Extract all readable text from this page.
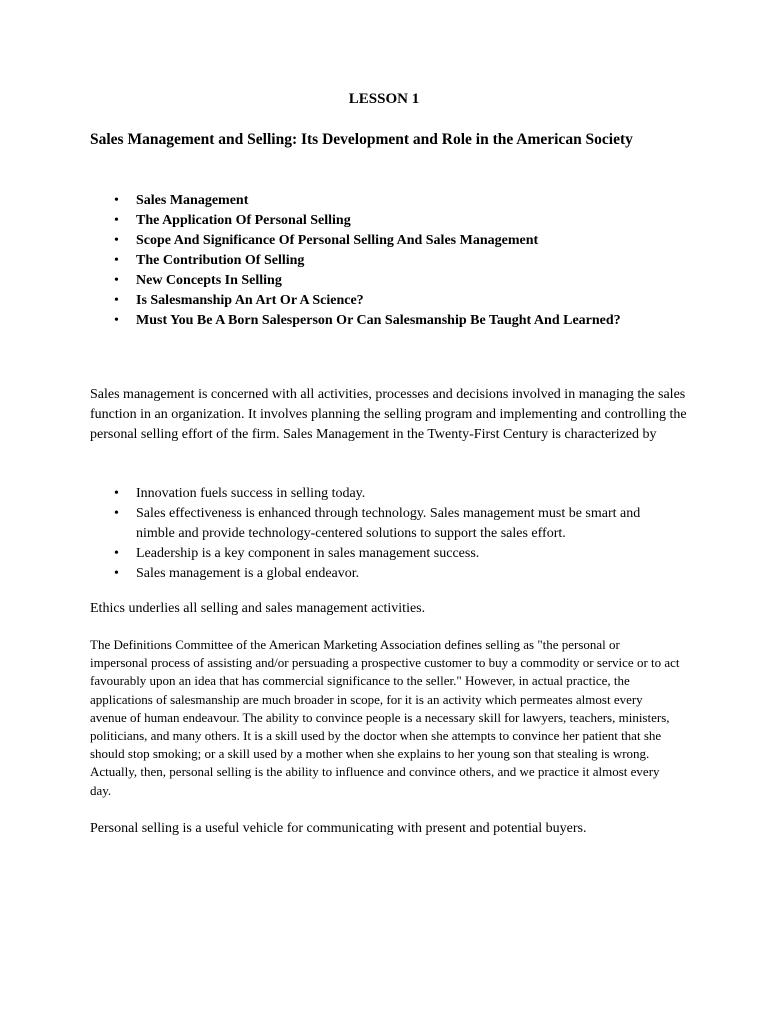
LESSON 1
Sales Management and Selling: Its Development and Role in the American Society
• Sales Management
• The Application Of Personal Selling
• Scope And Significance Of Personal Selling And Sales Management
• The Contribution Of Selling
• New Concepts In Selling
• Is Salesmanship An Art Or A Science?
• Must You Be A Born Salesperson Or Can Salesmanship Be Taught And Learned?

Sales management is concerned with all activities, processes and decisions involved in managing the sales function in an organization. It involves planning the selling program and implementing and controlling the personal selling effort of the firm. Sales Management in the Twenty-First Century is characterized by

• Innovation fuels success in selling today.
• Sales effectiveness is enhanced through technology. Sales management must be smart and nimble and provide technology-centered solutions to support the sales effort.
• Leadership is a key component in sales management success.
• Sales management is a global endeavor.

Ethics underlies all selling and sales management activities.

The Definitions Committee of the American Marketing Association defines selling as "the personal or impersonal process of assisting and/or persuading a prospective customer to buy a commodity or service or to act favourably upon an idea that has commercial significance to the seller." However, in actual practice, the applications of salesmanship are much broader in scope, for it is an activity which permeates almost every avenue of human endeavour. The ability to convince people is a necessary skill for lawyers, teachers, ministers, politicians, and many others. It is a skill used by the doctor when she attempts to convince her patient that she should stop smoking; or a skill used by a mother when she explains to her young son that stealing is wrong. Actually, then, personal selling is the ability to influence and convince others, and we practice it almost every day.

Personal selling is a useful vehicle for communicating with present and potential buyers.
